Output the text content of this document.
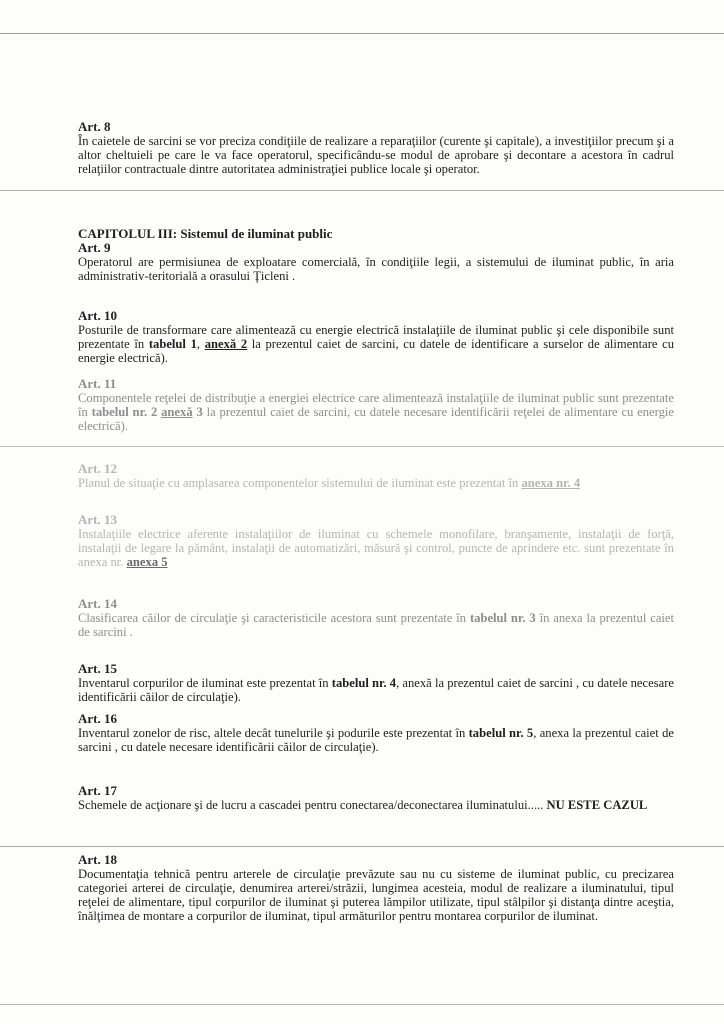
Art. 8

În caietele de sarcini se vor preciza condiţiile de realizare a reparaţiilor (curente şi capitale), a investiţiilor precum şi a altor cheltuieli pe care le va face operatorul, specificându-se modul de aprobare şi decontare a acestora în cadrul relaţiilor contractuale dintre autoritatea administraţiei publice locale şi operator.

CAPITOLUL III: Sistemul de iluminat public

Art. 9

Operatorul are permisiunea de exploatare comercială, în condiţiile legii, a sistemului de iluminat public, în aria administrativ-teritorială a orasului Ţicleni .

Art. 10

Posturile de transformare care alimentează cu energie electrică instalaţiile de iluminat public şi cele disponibile sunt prezentate în tabelul 1, anexă 2 la prezentul caiet de sarcini, cu datele de identificare a surselor de alimentare cu energie electrică).

Art. 11

Componentele reţelei de distribuţie a energiei electrice care alimentează instalaţiile de iluminat public sunt prezentate în tabelul nr. 2 anexă 3 la prezentul caiet de sarcini, cu datele necesare identificării reţelei de alimentare cu energie electrică).

Art. 12

Planul de situaţie cu amplasarea componentelor sistemului de iluminat este prezentat în anexa nr. 4

Art. 13

Instalaţiile electrice aferente instalaţiilor de iluminat cu schemele monofilare, branşamente, instalaţii de forţă, instalaţii de legare la pământ, instalaţii de automatizări, măsură şi control, puncte de aprindere etc. sunt prezentate în anexa nr. anexa 5

Art. 14

Clasificarea căilor de circulaţie şi caracteristicile acestora sunt prezentate în tabelul nr. 3 în anexa la prezentul caiet de sarcini .

Art. 15

Inventarul corpurilor de iluminat este prezentat în tabelul nr. 4, anexă la prezentul caiet de sarcini , cu datele necesare identificării căilor de circulaţie).

Art. 16

Inventarul zonelor de risc, altele decât tunelurile şi podurile este prezentat în tabelul nr. 5, anexa la prezentul caiet de sarcini , cu datele necesare identificării căilor de circulaţie).

Art. 17

Schemele de acţionare şi de lucru a cascadei pentru conectarea/deconectarea iluminatului..... NU ESTE CAZUL

Art. 18

Documentaţia tehnică pentru arterele de circulaţie prevăzute sau nu cu sisteme de iluminat public, cu precizarea categoriei arterei de circulaţie, denumirea arterei/străzii, lungimea acesteia, modul de realizare a iluminatului, tipul reţelei de alimentare, tipul corpurilor de iluminat şi puterea lămpilor utilizate, tipul stâlpilor şi distanţa dintre aceştia, înălţimea de montare a corpurilor de iluminat, tipul armăturilor pentru montarea corpurilor de iluminat.
